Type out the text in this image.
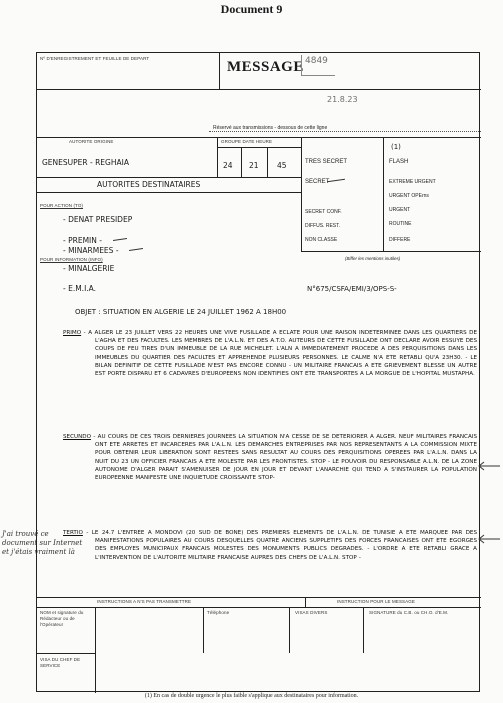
Document 9
Nº D'ENREGISTREMENT ET FEUILLE DE DEPART
MESSAGE 4849
21.8.23
Réservé aux transmissions - dessous de cette ligne
AUTORITE ORIGINE	GROUPE DATE HEURE
GENESUPER - REGHAIA	24 21 45
(1)
TRES SECRET
SECRET
SECRET CONF.
DIFFUS. REST.
NON CLASSE
FLASH
EXTREME URGENT
URGENT OPErns
URGENT
ROUTINE
DIFFERE
(Biffer les mentions inutiles)
AUTORITES DESTINATAIRES
POUR ACTION (TO)
- DENAT PRESIDEP
- PREMIN -
- MINARMEES -
POUR INFORMATION (INFO)
- MINALGERIE
- E.M.I.A.	N°675/CSFA/EMI/3/OPS-S-
OBJET : SITUATION EN ALGERIE LE 24 JUILLET 1962 A 18H00
PRIMO - A ALGER LE 23 JUILLET VERS 22 HEURES UNE VIVE FUSILLADE A ECLATE POUR UNE RAISON INDETERMINEE DANS LES QUARTIERS DE L'AGHA ET DES FACULTES. LES MEMBRES DE L'A.L.N. ET DES A.T.O. AUTEURS DE CETTE FUSILLADE ONT DECLARE AVOIR ESSUYE DES COUPS DE FEU TIRES D'UN IMMEUBLE DE LA RUE MICHELET. L'ALN A IMMEDIATEMENT PROCEDE A DES PERQUISITIONS DANS LES IMMEUBLES DU QUARTIER DES FACULTES ET APPREHENDE PLUSIEURS PERSONNES. LE CALME N'A ETE RETABLI QU'A 23H30. - LE BILAN DEFINITIF DE CETTE FUSILLADE N'EST PAS ENCORE CONNU - UN MILITAIRE FRANCAIS A ETE GRIEVEMENT BLESSE UN AUTRE EST PORTE DISPARU ET 6 CADAVRES D'EUROPEENS NON IDENTIFIES ONT ETE TRANSPORTES A LA MORGUE DE L'HOPITAL MUSTAPHA.
SECUNDO - AU COURS DE CES TROIS DERNIERES JOURNEES LA SITUATION N'A CESSE DE SE DETERIORER A ALGER. NEUF MILITAIRES FRANCAIS ONT ETE ARRETES ET INCARCERES PAR L'A.L.N. LES DEMARCHES ENTREPRISES PAR NOS REPRESENTANTS A LA COMMISSION MIXTE POUR OBTENIR LEUR LIBERATION SONT RESTEES SANS RESULTAT AU COURS DES PERQUISITIONS OPEREES PAR L'A.L.N. DANS LA NUIT DU 23 UN OFFICIER FRANCAIS A ETE MOLESTE PAR LES FRONTISTES. STOP - LE POUVOIR DU RESPONSABLE A.L.N. DE LA ZONE AUTONOME D'ALGER PARAIT S'AMENUISER DE JOUR EN JOUR ET DEVANT L'ANARCHIE QUI TEND A S'INSTAURER LA POPULATION EUROPEENNE MANIFESTE UNE INQUIETUDE CROISSANTE STOP-
TERTIO - LE 24.7 L'ENTREE A MONDOVI (20 SUD DE BONE) DES PREMIERS ELEMENTS DE L'A.L.N. DE TUNISIE A ETE MARQUEE PAR DES MANIFESTATIONS POPULAIRES AU COURS DESQUELLES QUATRE ANCIENS SUPPLETIFS DES FORCES FRANCAISES ONT ETE EGORGES DES EMPLOYES MUNICIPAUX FRANCAIS MOLESTES DES MONUMENTS PUBLICS DEGRADES. - L'ORDRE A ETE RETABLI GRACE A L'INTERVENTION DE L'AUTORITE MILITAIRE FRANCAISE AUPRES DES CHEFS DE L'A.L.N. STOP -
INSTRUCTIONS A N'S PAS TRANSMETTRE	INSTRUCTION POUR LE MESSAGE
NOM et signature du Rédacteur ou de l'Opérateur
Téléphone	VISAS DIVERS	SIGNATURE du C.B. ou CH.O. d'E.M.
VISA DU CHEF DE SERVICE
J'ai trouvé ce
document sur Internet
et j'étais vraiment là
(1) En cas de double urgence le plus faible s'applique aux destinataires pour information.
